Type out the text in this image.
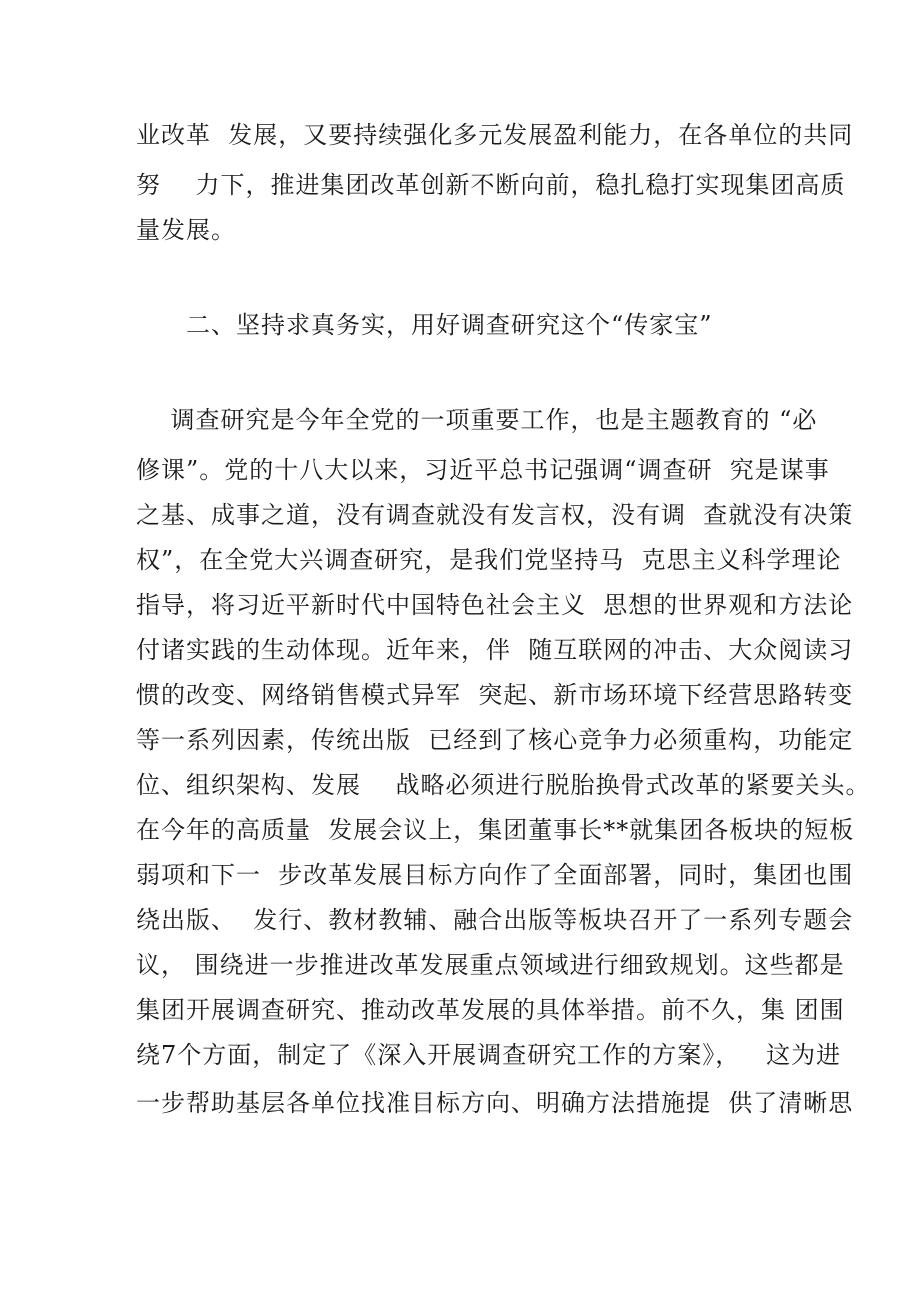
业改革  发展，又要持续强化多元发展盈利能力，在各单位的共同
努    力下，推进集团改革创新不断向前，稳扎稳打实现集团高质
量发展。
二、坚持求真务实，用好调查研究这个“传家宝”
调查研究是今年全党的一项重要工作，也是主题教育的 “必
修课”。党的十八大以来，习近平总书记强调“调查研  究是谋事
之基、成事之道，没有调查就没有发言权，没有调  查就没有决策
权”，在全党大兴调查研究，是我们党坚持马  克思主义科学理论
指导，将习近平新时代中国特色社会主义  思想的世界观和方法论
付诸实践的生动体现。近年来，伴  随互联网的冲击、大众阅读习
惯的改变、网络销售模式异军  突起、新市场环境下经营思路转变
等一系列因素，传统出版  已经到了核心竞争力必须重构，功能定
位、组织架构、发展    战略必须进行脱胎换骨式改革的紧要关头。
在今年的高质量  发展会议上，集团董事长**就集团各板块的短板
弱项和下一  步改革发展目标方向作了全面部署，同时，集团也围
绕出版、  发行、教材教辅、融合出版等板块召开了一系列专题会
议， 围绕进一步推进改革发展重点领域进行细致规划。这些都是
集团开展调查研究、推动改革发展的具体举措。前不久，集 团围
绕7个方面，制定了《深入开展调查研究工作的方案》，   这为进
一步帮助基层各单位找准目标方向、明确方法措施提  供了清晰思
